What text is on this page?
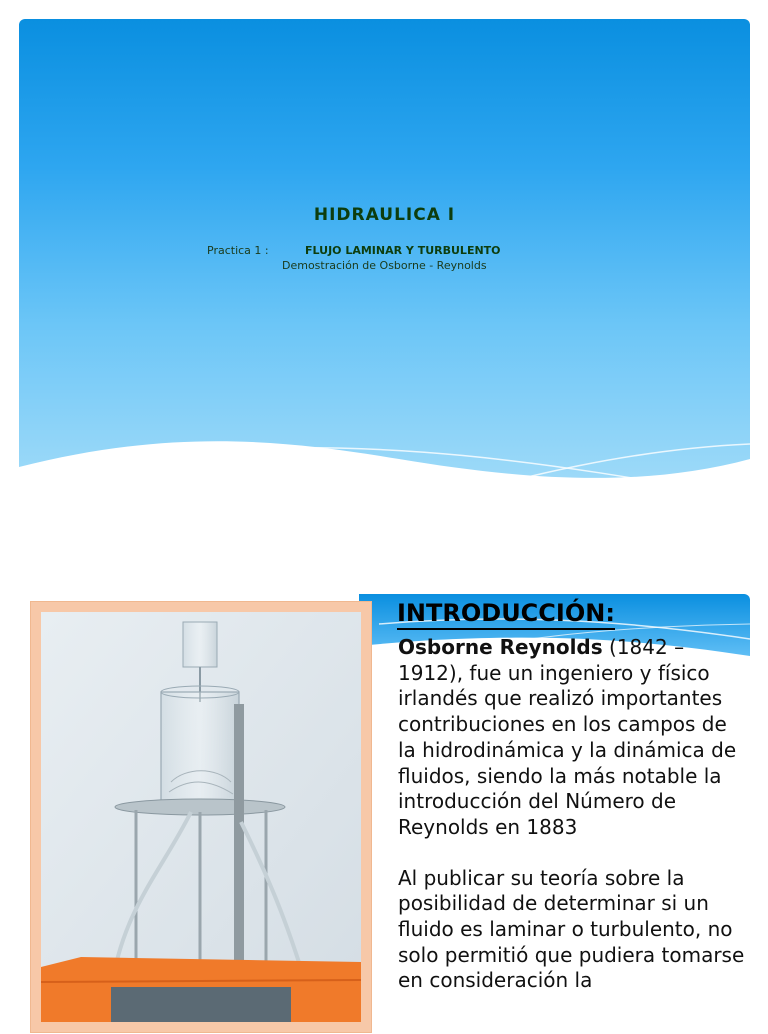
HIDRAULICA I
Practica 1 :	FLUJO LAMINAR Y TURBULENTO
Demostración de Osborne - Reynolds
INTRODUCCIÓN:

Osborne Reynolds (1842 – 1912), fue un ingeniero y físico irlandés que realizó importantes contribuciones en los campos de la hidrodinámica y la dinámica de fluidos, siendo la más notable la introducción del Número de Reynolds en 1883

Al publicar su teoría sobre la posibilidad de determinar si un fluido es laminar o turbulento, no solo permitió que pudiera tomarse en consideración la
